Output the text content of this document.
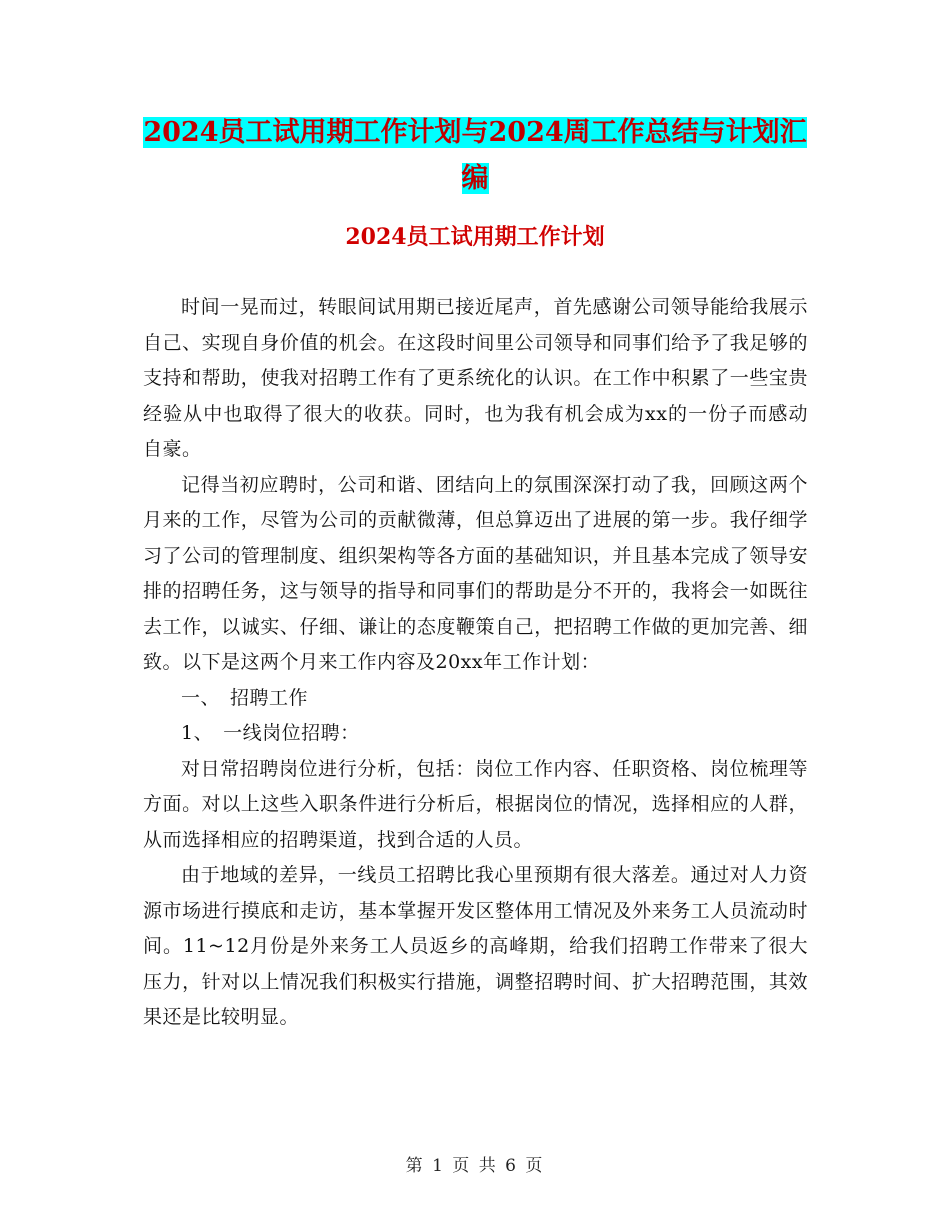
2024员工试用期工作计划与2024周工作总结与计划汇编
2024员工试用期工作计划

时间一晃而过，转眼间试用期已接近尾声，首先感谢公司领导能给我展示自己、实现自身价值的机会。在这段时间里公司领导和同事们给予了我足够的支持和帮助，使我对招聘工作有了更系统化的认识。在工作中积累了一些宝贵经验从中也取得了很大的收获。同时，也为我有机会成为xx的一份子而感动自豪。

记得当初应聘时，公司和谐、团结向上的氛围深深打动了我，回顾这两个月来的工作，尽管为公司的贡献微薄，但总算迈出了进展的第一步。我仔细学习了公司的管理制度、组织架构等各方面的基础知识，并且基本完成了领导安排的招聘任务，这与领导的指导和同事们的帮助是分不开的，我将会一如既往去工作，以诚实、仔细、谦让的态度鞭策自己，把招聘工作做的更加完善、细致。以下是这两个月来工作内容及20xx年工作计划：

一、　招聘工作

1、　一线岗位招聘：

对日常招聘岗位进行分析，包括：岗位工作内容、任职资格、岗位梳理等方面。对以上这些入职条件进行分析后，根据岗位的情况，选择相应的人群，从而选择相应的招聘渠道，找到合适的人员。

由于地域的差异，一线员工招聘比我心里预期有很大落差。通过对人力资源市场进行摸底和走访，基本掌握开发区整体用工情况及外来务工人员流动时间。11~12月份是外来务工人员返乡的高峰期，给我们招聘工作带来了很大压力，针对以上情况我们积极实行措施，调整招聘时间、扩大招聘范围，其效果还是比较明显。

第 1 页 共 6 页
